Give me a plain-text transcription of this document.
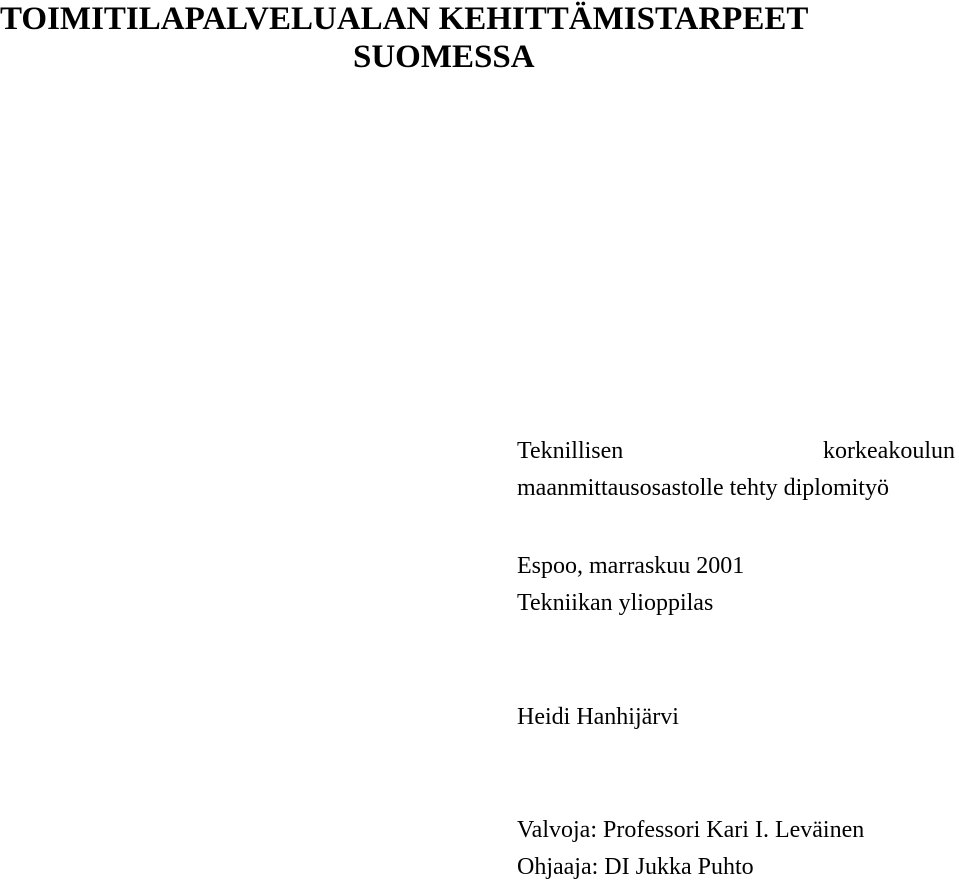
TOIMITILAPALVELUALAN KEHITTÄMISTARPEET
SUOMESSA
Teknillisen	korkeakoulun
maanmittausosastolle tehty diplomityö
Espoo, marraskuu 2001
Tekniikan ylioppilas
Heidi Hanhijärvi
Valvoja: Professori Kari I. Leväinen
Ohjaaja: DI Jukka Puhto
